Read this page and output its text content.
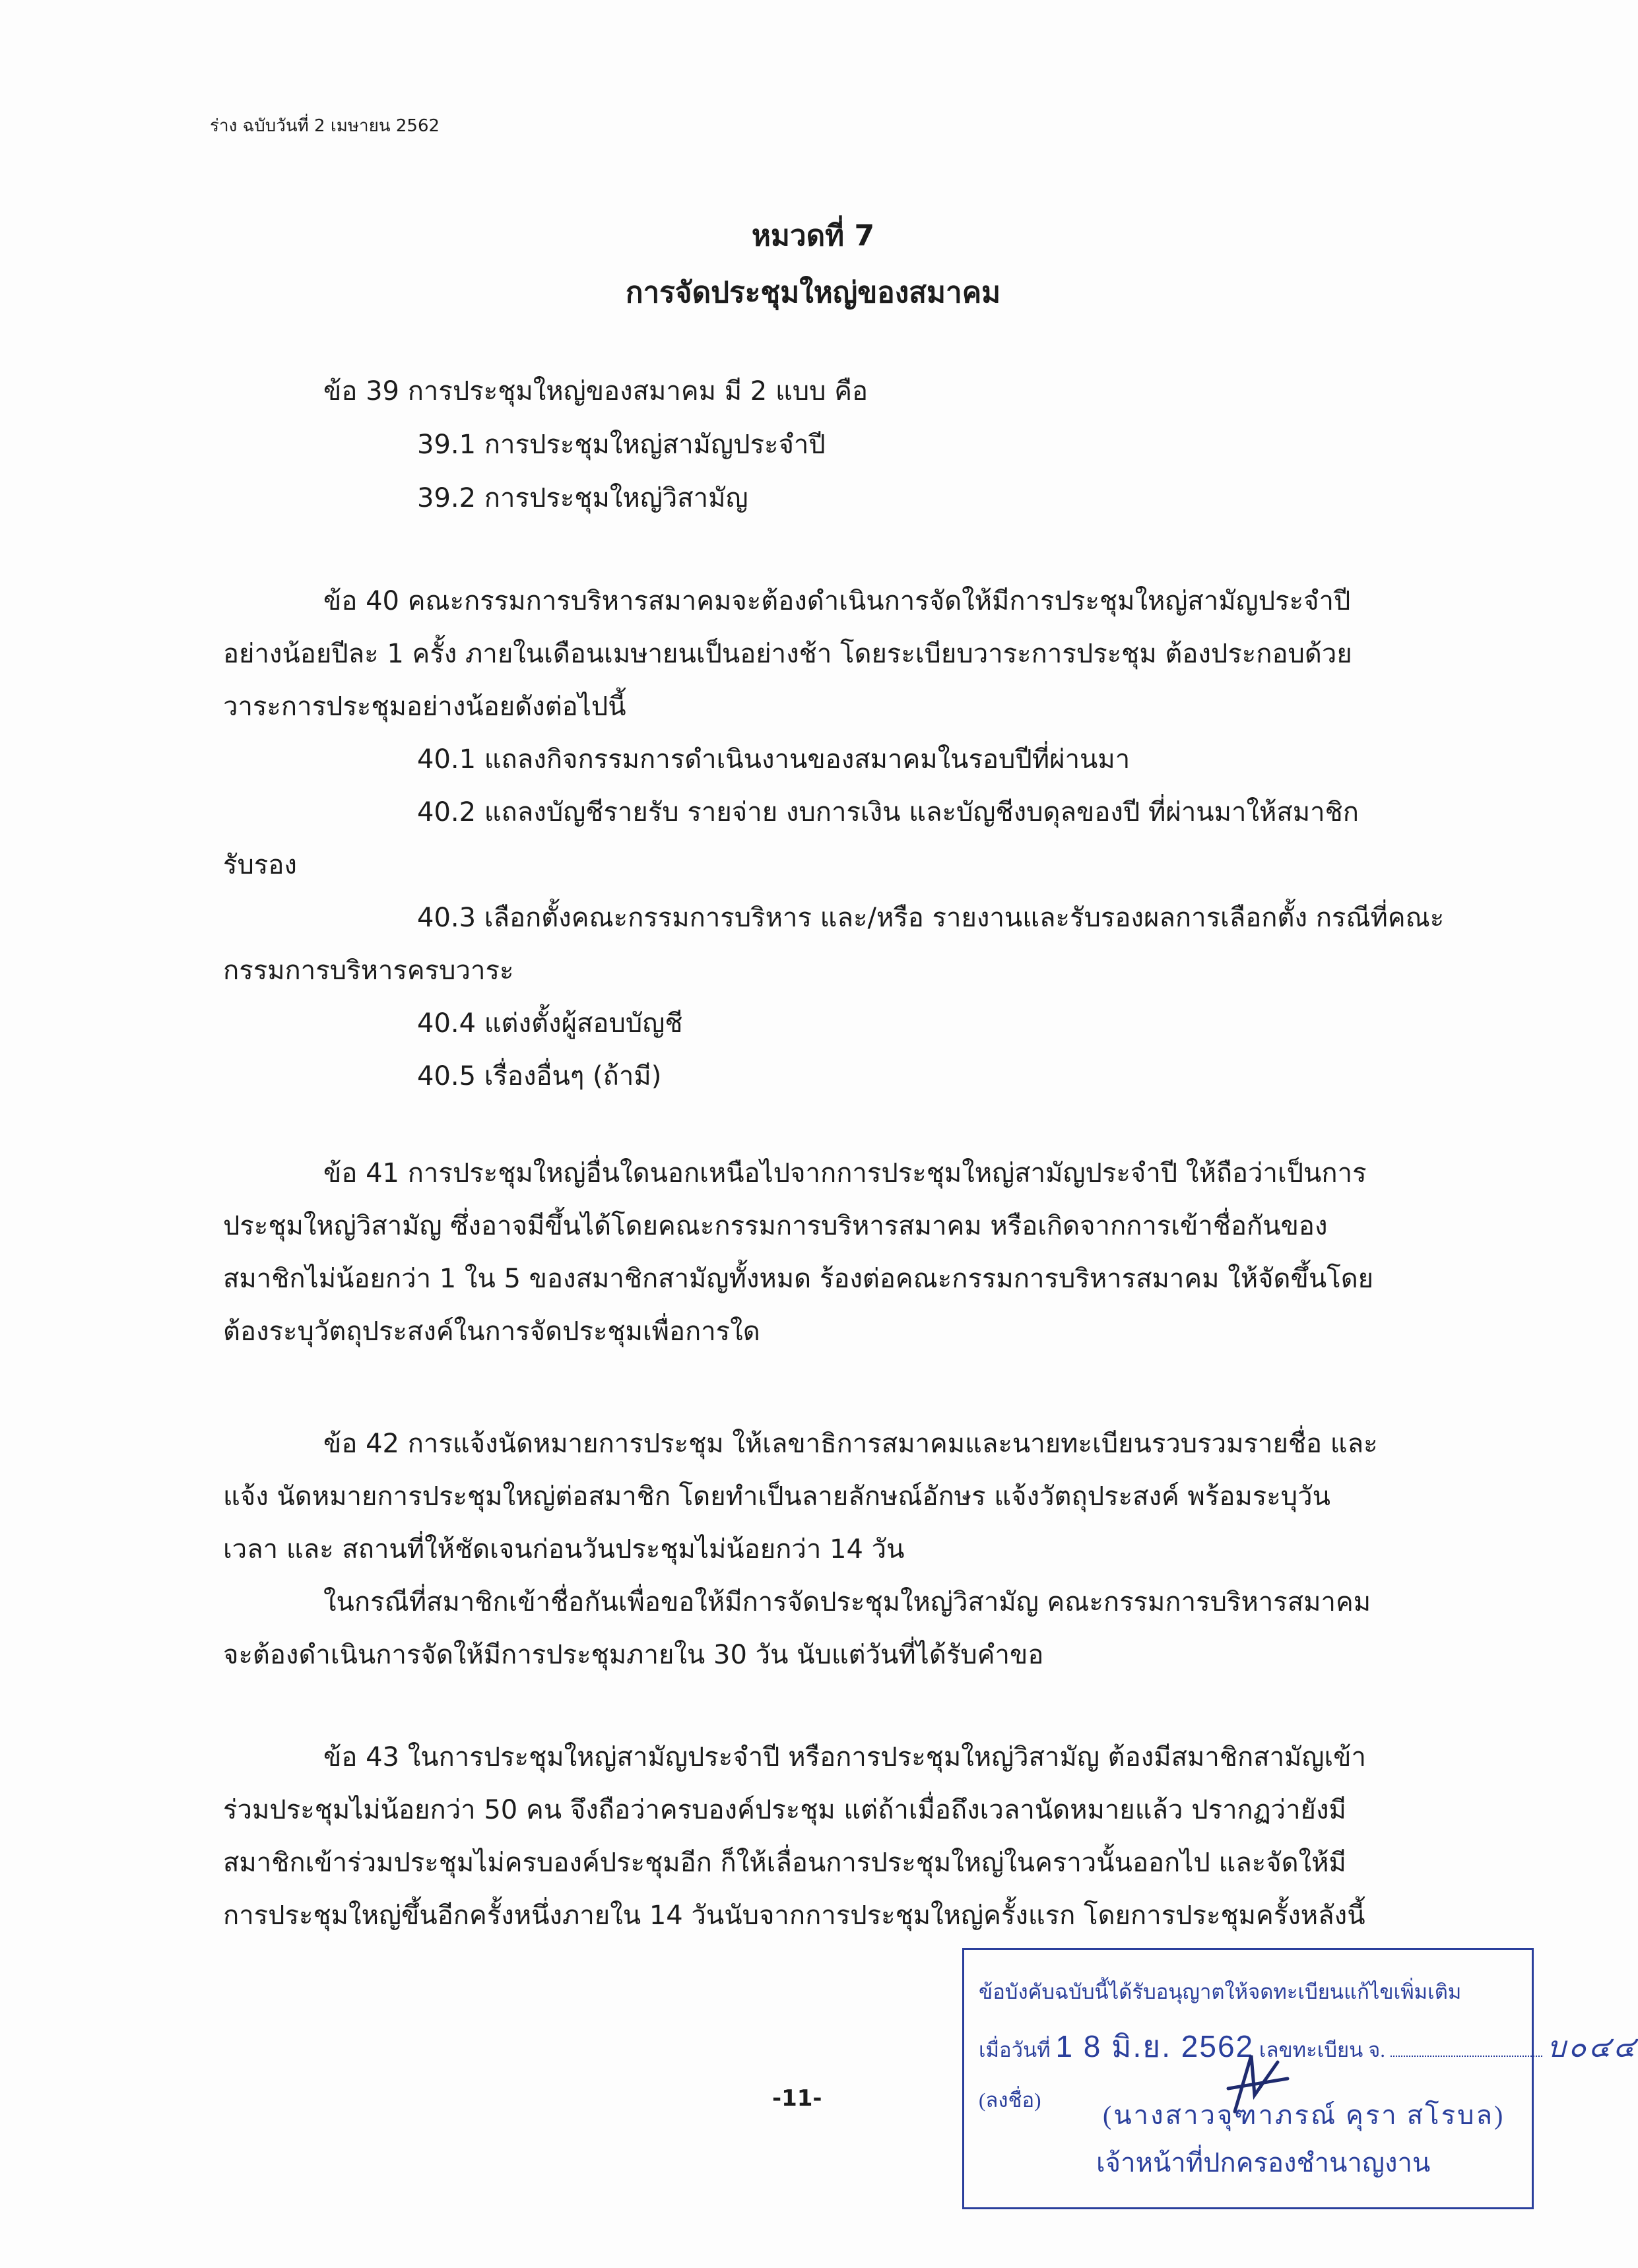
ร่าง ฉบับวันที่ 2 เมษายน 2562
หมวดที่ 7
การจัดประชุมใหญ่ของสมาคม
ข้อ 39 การประชุมใหญ่ของสมาคม มี 2 แบบ คือ
39.1 การประชุมใหญ่สามัญประจำปี
39.2 การประชุมใหญ่วิสามัญ
ข้อ 40 คณะกรรมการบริหารสมาคมจะต้องดำเนินการจัดให้มีการประชุมใหญ่สามัญประจำปี
อย่างน้อยปีละ 1 ครั้ง ภายในเดือนเมษายนเป็นอย่างช้า โดยระเบียบวาระการประชุม ต้องประกอบด้วย
วาระการประชุมอย่างน้อยดังต่อไปนี้
40.1 แถลงกิจกรรมการดำเนินงานของสมาคมในรอบปีที่ผ่านมา
40.2 แถลงบัญชีรายรับ รายจ่าย งบการเงิน และบัญชีงบดุลของปี ที่ผ่านมาให้สมาชิก
รับรอง
40.3 เลือกตั้งคณะกรรมการบริหาร และ/หรือ รายงานและรับรองผลการเลือกตั้ง กรณีที่คณะ
กรรมการบริหารครบวาระ
40.4 แต่งตั้งผู้สอบบัญชี
40.5 เรื่องอื่นๆ (ถ้ามี)
ข้อ 41 การประชุมใหญ่อื่นใดนอกเหนือไปจากการประชุมใหญ่สามัญประจำปี ให้ถือว่าเป็นการ
ประชุมใหญ่วิสามัญ ซึ่งอาจมีขึ้นได้โดยคณะกรรมการบริหารสมาคม หรือเกิดจากการเข้าชื่อกันของ
สมาชิกไม่น้อยกว่า 1 ใน 5 ของสมาชิกสามัญทั้งหมด ร้องต่อคณะกรรมการบริหารสมาคม ให้จัดขึ้นโดย
ต้องระบุวัตถุประสงค์ในการจัดประชุมเพื่อการใด
ข้อ 42 การแจ้งนัดหมายการประชุม ให้เลขาธิการสมาคมและนายทะเบียนรวบรวมรายชื่อ และ
แจ้ง นัดหมายการประชุมใหญ่ต่อสมาชิก โดยทำเป็นลายลักษณ์อักษร แจ้งวัตถุประสงค์ พร้อมระบุวัน
เวลา และ สถานที่ให้ชัดเจนก่อนวันประชุมไม่น้อยกว่า 14 วัน
ในกรณีที่สมาชิกเข้าชื่อกันเพื่อขอให้มีการจัดประชุมใหญ่วิสามัญ คณะกรรมการบริหารสมาคม
จะต้องดำเนินการจัดให้มีการประชุมภายใน 30 วัน นับแต่วันที่ได้รับคำขอ
ข้อ 43 ในการประชุมใหญ่สามัญประจำปี หรือการประชุมใหญ่วิสามัญ ต้องมีสมาชิกสามัญเข้า
ร่วมประชุมไม่น้อยกว่า 50 คน จึงถือว่าครบองค์ประชุม แต่ถ้าเมื่อถึงเวลานัดหมายแล้ว ปรากฏว่ายังมี
สมาชิกเข้าร่วมประชุมไม่ครบองค์ประชุมอีก ก็ให้เลื่อนการประชุมใหญ่ในคราวนั้นออกไป และจัดให้มี
การประชุมใหญ่ขึ้นอีกครั้งหนึ่งภายใน 14 วันนับจากการประชุมใหญ่ครั้งแรก โดยการประชุมครั้งหลังนี้
-11-
ข้อบังคับฉบับนี้ได้รับอนุญาตให้จดทะเบียนแก้ไขเพิ่มเติม
เมื่อวันที่ 1 8 มิ.ย. 2562 เลขทะเบียน จ.	บ๐๔๔
(ลงชื่อ)
(นางสาวจุฑาภรณ์ คุรา สโรบล)
เจ้าหน้าที่ปกครองชำนาญงาน
